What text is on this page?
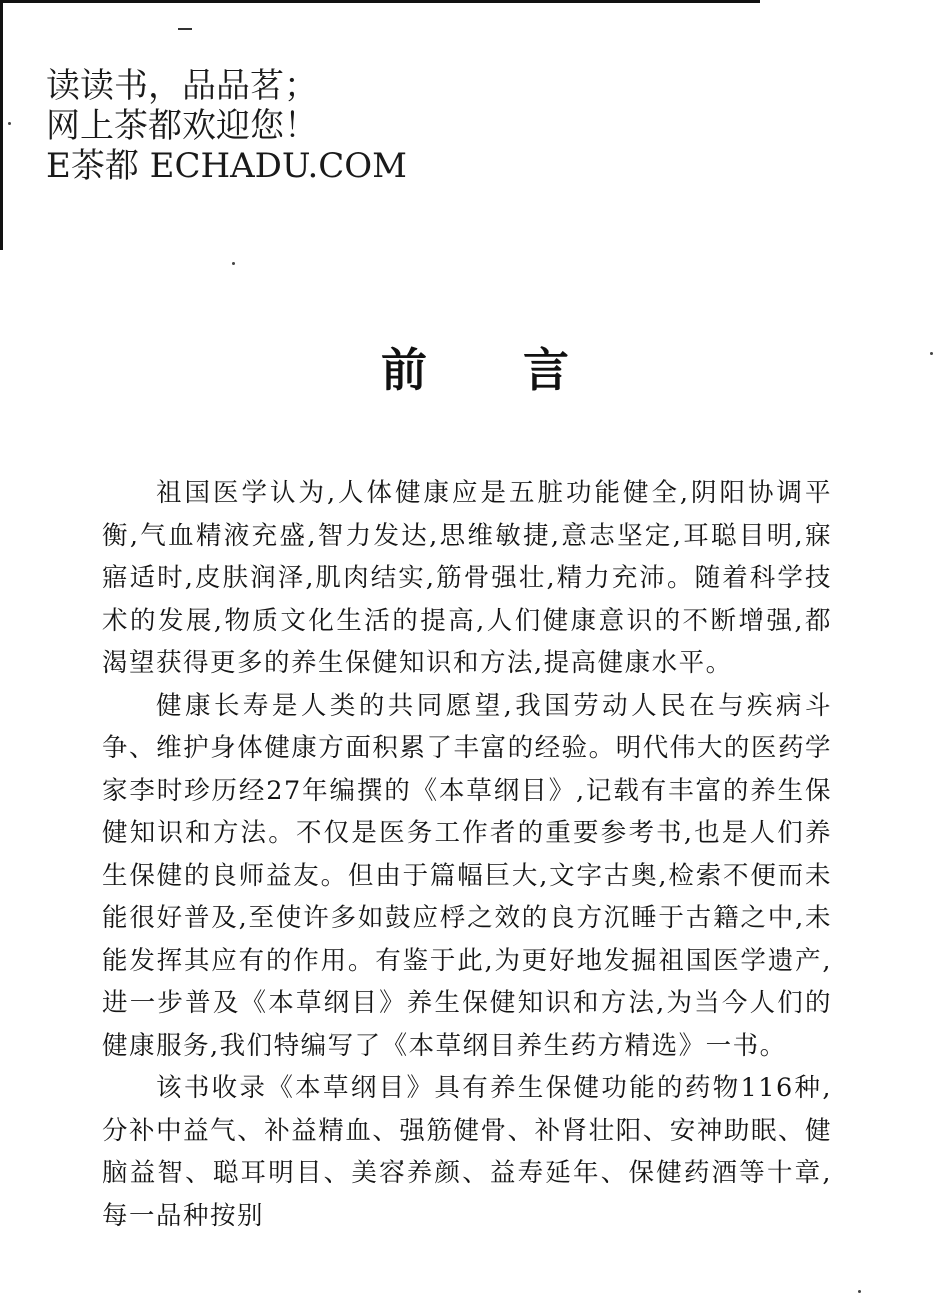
读读书，品品茗；
网上茶都欢迎您！
E茶都 ECHADU.COM
前言

祖国医学认为,人体健康应是五脏功能健全,阴阳协调平衡,气血精液充盛,智力发达,思维敏捷,意志坚定,耳聪目明,寐寤适时,皮肤润泽,肌肉结实,筋骨强壮,精力充沛。随着科学技术的发展,物质文化生活的提高,人们健康意识的不断增强,都渴望获得更多的养生保健知识和方法,提高健康水平。

健康长寿是人类的共同愿望,我国劳动人民在与疾病斗争、维护身体健康方面积累了丰富的经验。明代伟大的医药学家李时珍历经27年编撰的《本草纲目》,记载有丰富的养生保健知识和方法。不仅是医务工作者的重要参考书,也是人们养生保健的良师益友。但由于篇幅巨大,文字古奥,检索不便而未能很好普及,至使许多如鼓应桴之效的良方沉睡于古籍之中,未能发挥其应有的作用。有鉴于此,为更好地发掘祖国医学遗产,进一步普及《本草纲目》养生保健知识和方法,为当今人们的健康服务,我们特编写了《本草纲目养生药方精选》一书。

该书收录《本草纲目》具有养生保健功能的药物116种,分补中益气、补益精血、强筋健骨、补肾壮阳、安神助眠、健脑益智、聪耳明目、美容养颜、益寿延年、保健药酒等十章,每一品种按别
